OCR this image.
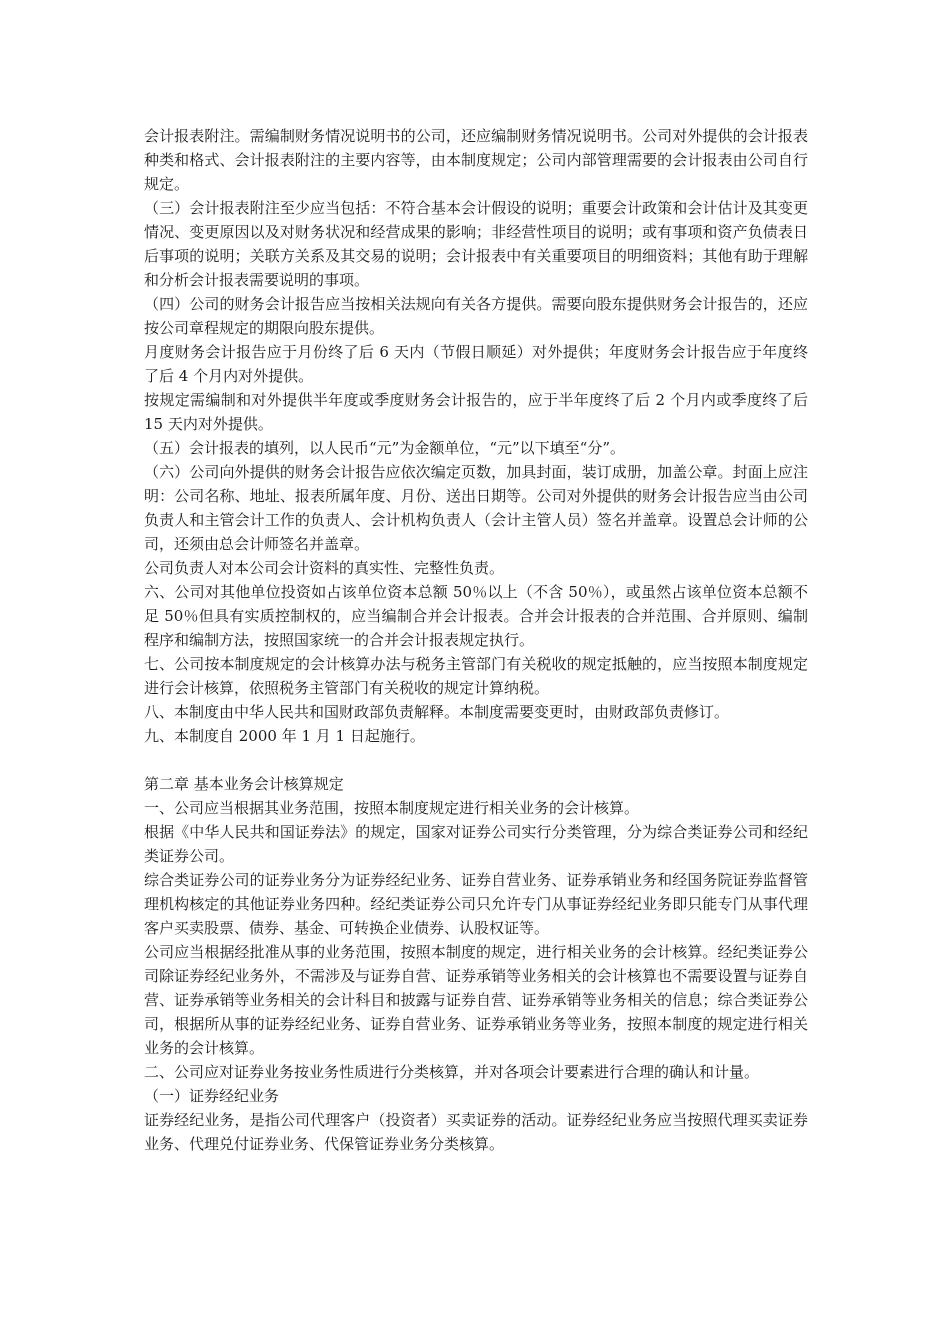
会计报表附注。需编制财务情况说明书的公司，还应编制财务情况说明书。公司对外提供的会计报表种类和格式、会计报表附注的主要内容等，由本制度规定；公司内部管理需要的会计报表由公司自行规定。

（三）会计报表附注至少应当包括：不符合基本会计假设的说明；重要会计政策和会计估计及其变更情况、变更原因以及对财务状况和经营成果的影响；非经营性项目的说明；或有事项和资产负债表日后事项的说明；关联方关系及其交易的说明；会计报表中有关重要项目的明细资料；其他有助于理解和分析会计报表需要说明的事项。

（四）公司的财务会计报告应当按相关法规向有关各方提供。需要向股东提供财务会计报告的，还应按公司章程规定的期限向股东提供。

月度财务会计报告应于月份终了后 6 天内（节假日顺延）对外提供；年度财务会计报告应于年度终了后 4 个月内对外提供。

按规定需编制和对外提供半年度或季度财务会计报告的，应于半年度终了后 2 个月内或季度终了后 15 天内对外提供。

（五）会计报表的填列，以人民币“元”为金额单位，“元”以下填至“分”。

（六）公司向外提供的财务会计报告应依次编定页数，加具封面，装订成册，加盖公章。封面上应注明：公司名称、地址、报表所属年度、月份、送出日期等。公司对外提供的财务会计报告应当由公司负责人和主管会计工作的负责人、会计机构负责人（会计主管人员）签名并盖章。设置总会计师的公司，还须由总会计师签名并盖章。

公司负责人对本公司会计资料的真实性、完整性负责。

六、公司对其他单位投资如占该单位资本总额 50％以上（不含 50％），或虽然占该单位资本总额不足 50％但具有实质控制权的，应当编制合并会计报表。合并会计报表的合并范围、合并原则、编制程序和编制方法，按照国家统一的合并会计报表规定执行。

七、公司按本制度规定的会计核算办法与税务主管部门有关税收的规定抵触的，应当按照本制度规定进行会计核算，依照税务主管部门有关税收的规定计算纳税。

八、本制度由中华人民共和国财政部负责解释。本制度需要变更时，由财政部负责修订。

九、本制度自 2000 年 1 月 1 日起施行。

第二章 基本业务会计核算规定

一、公司应当根据其业务范围，按照本制度规定进行相关业务的会计核算。

根据《中华人民共和国证券法》的规定，国家对证券公司实行分类管理，分为综合类证券公司和经纪类证券公司。

综合类证券公司的证券业务分为证券经纪业务、证券自营业务、证券承销业务和经国务院证券监督管理机构核定的其他证券业务四种。经纪类证券公司只允许专门从事证券经纪业务即只能专门从事代理客户买卖股票、债券、基金、可转换企业债券、认股权证等。

公司应当根据经批准从事的业务范围，按照本制度的规定，进行相关业务的会计核算。经纪类证券公司除证券经纪业务外，不需涉及与证券自营、证券承销等业务相关的会计核算也不需要设置与证券自营、证券承销等业务相关的会计科目和披露与证券自营、证券承销等业务相关的信息；综合类证券公司，根据所从事的证券经纪业务、证券自营业务、证券承销业务等业务，按照本制度的规定进行相关业务的会计核算。

二、公司应对证券业务按业务性质进行分类核算，并对各项会计要素进行合理的确认和计量。

（一）证券经纪业务

证券经纪业务，是指公司代理客户（投资者）买卖证券的活动。证券经纪业务应当按照代理买卖证券业务、代理兑付证券业务、代保管证券业务分类核算。
